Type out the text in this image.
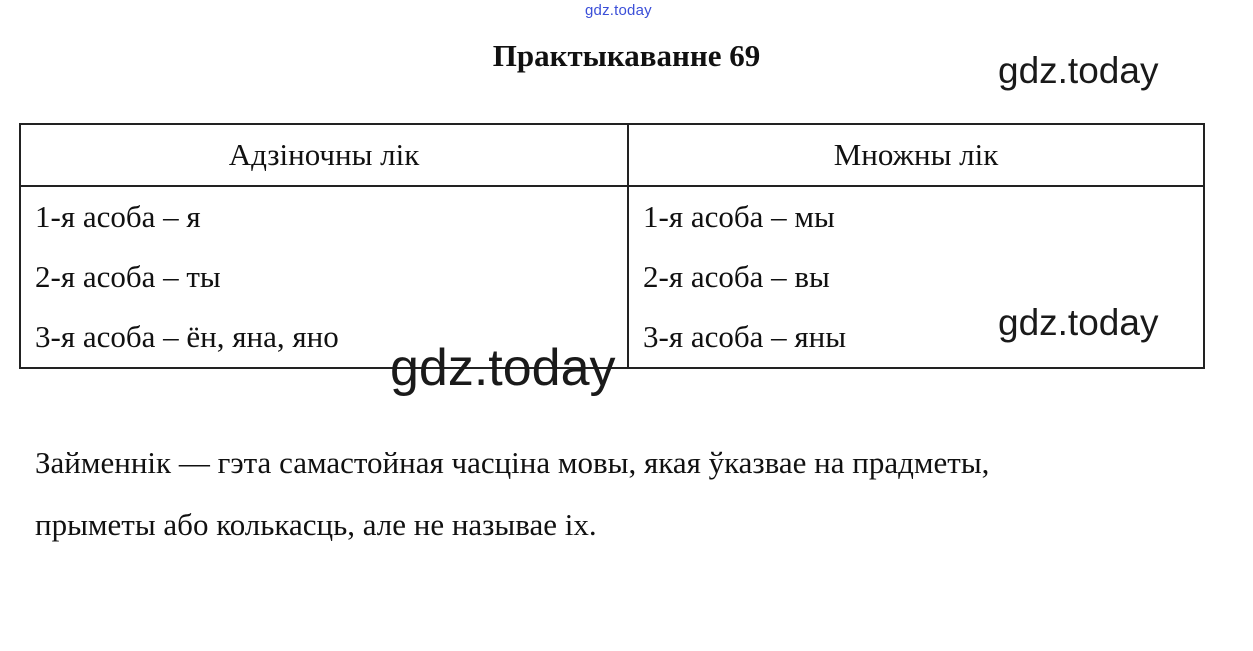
gdz.today
Практыкаванне 69
Адзіночны лік	Множны лік
1-я асоба – я	1-я асоба – мы
2-я асоба – ты	2-я асоба – вы
3-я асоба – ён, яна, яно	3-я асоба – яны
Займеннік — гэта самастойная часціна мовы, якая ўказвае на прадметы,
прыметы або колькасць, але не называе іх.
gdz.today
gdz.today
gdz.today
